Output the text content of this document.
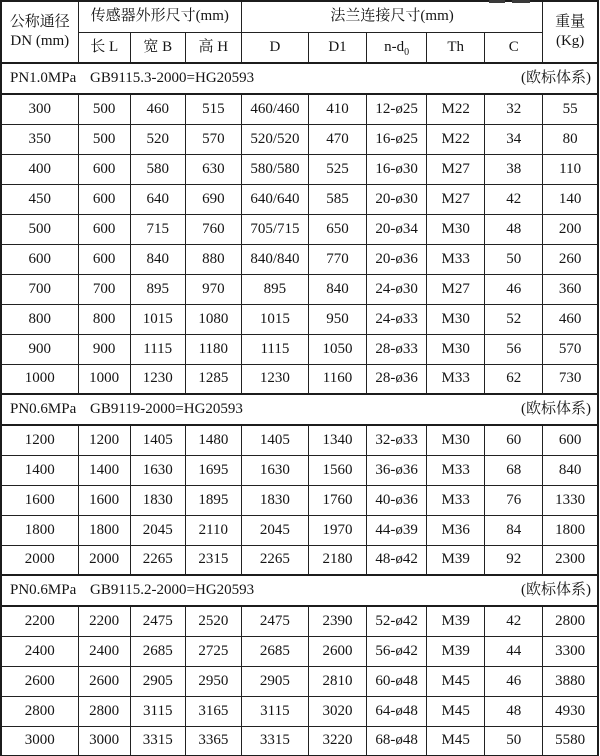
公称通径
DN (mm)	传感器外形尺寸(mm)			法兰连接尺寸(mm)					重量
(Kg)
	长 L	宽 B	高 H	D	D1	$n-d_0$	Th	C	

PN1.0MPa GB9115.3-2000=HG20593 (欧标体系)									

300	500	460	515	460/460	410	12-ø25	M22	32	55
350	500	520	570	520/520	470	16-ø25	M22	34	80
400	600	580	630	580/580	525	16-ø30	M27	38	110
450	600	640	690	640/640	585	20-ø30	M27	42	140
500	600	715	760	705/715	650	20-ø34	M30	48	200
600	600	840	880	840/840	770	20-ø36	M33	50	260
700	700	895	970	895	840	24-ø30	M27	46	360
800	800	1015	1080	1015	950	24-ø33	M30	52	460
900	900	1115	1180	1115	1050	28-ø33	M30	56	570
1000	1000	1230	1285	1230	1160	28-ø36	M33	62	730

PN0.6MPa GB9119-2000=HG20593 (欧标体系)									

1200	1200	1405	1480	1405	1340	32-ø33	M30	60	600
1400	1400	1630	1695	1630	1560	36-ø36	M33	68	840
1600	1600	1830	1895	1830	1760	40-ø36	M33	76	1330
1800	1800	2045	2110	2045	1970	44-ø39	M36	84	1800
2000	2000	2265	2315	2265	2180	48-ø42	M39	92	2300

PN0.6MPa GB9115.2-2000=HG20593 (欧标体系)									

2200	2200	2475	2520	2475	2390	52-ø42	M39	42	2800
2400	2400	2685	2725	2685	2600	56-ø42	M39	44	3300
2600	2600	2905	2950	2905	2810	60-ø48	M45	46	3880
2800	2800	3115	3165	3115	3020	64-ø48	M45	48	4930
3000	3000	3315	3365	3315	3220	68-ø48	M45	50	5580
